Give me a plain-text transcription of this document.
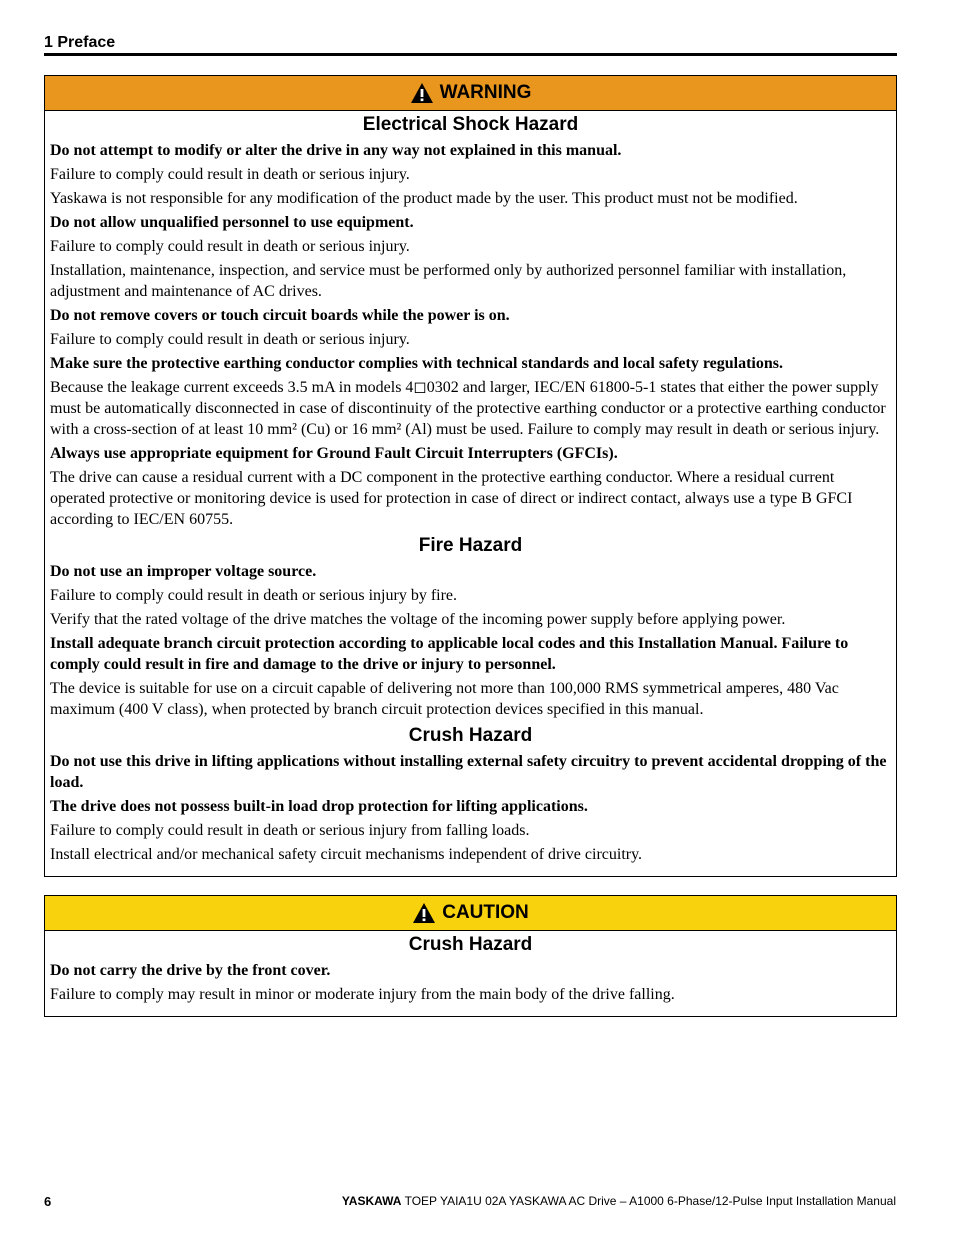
1 Preface
WARNING
Electrical Shock Hazard
Do not attempt to modify or alter the drive in any way not explained in this manual.
Failure to comply could result in death or serious injury.
Yaskawa is not responsible for any modification of the product made by the user. This product must not be modified.
Do not allow unqualified personnel to use equipment.
Failure to comply could result in death or serious injury.
Installation, maintenance, inspection, and service must be performed only by authorized personnel familiar with installation, adjustment and maintenance of AC drives.
Do not remove covers or touch circuit boards while the power is on.
Failure to comply could result in death or serious injury.
Make sure the protective earthing conductor complies with technical standards and local safety regulations.
Because the leakage current exceeds 3.5 mA in models 4◻0302 and larger, IEC/EN 61800-5-1 states that either the power supply must be automatically disconnected in case of discontinuity of the protective earthing conductor or a protective earthing conductor with a cross-section of at least 10 mm² (Cu) or 16 mm² (Al) must be used. Failure to comply may result in death or serious injury.
Always use appropriate equipment for Ground Fault Circuit Interrupters (GFCIs).
The drive can cause a residual current with a DC component in the protective earthing conductor. Where a residual current operated protective or monitoring device is used for protection in case of direct or indirect contact, always use a type B GFCI according to IEC/EN 60755.
Fire Hazard
Do not use an improper voltage source.
Failure to comply could result in death or serious injury by fire.
Verify that the rated voltage of the drive matches the voltage of the incoming power supply before applying power.
Install adequate branch circuit protection according to applicable local codes and this Installation Manual. Failure to comply could result in fire and damage to the drive or injury to personnel.
The device is suitable for use on a circuit capable of delivering not more than 100,000 RMS symmetrical amperes, 480 Vac maximum (400 V class), when protected by branch circuit protection devices specified in this manual.
Crush Hazard
Do not use this drive in lifting applications without installing external safety circuitry to prevent accidental dropping of the load.
The drive does not possess built-in load drop protection for lifting applications.
Failure to comply could result in death or serious injury from falling loads.
Install electrical and/or mechanical safety circuit mechanisms independent of drive circuitry.
CAUTION
Crush Hazard
Do not carry the drive by the front cover.
Failure to comply may result in minor or moderate injury from the main body of the drive falling.
6	YASKAWA TOEP YAIA1U 02A YASKAWA AC Drive – A1000 6-Phase/12-Pulse Input Installation Manual
